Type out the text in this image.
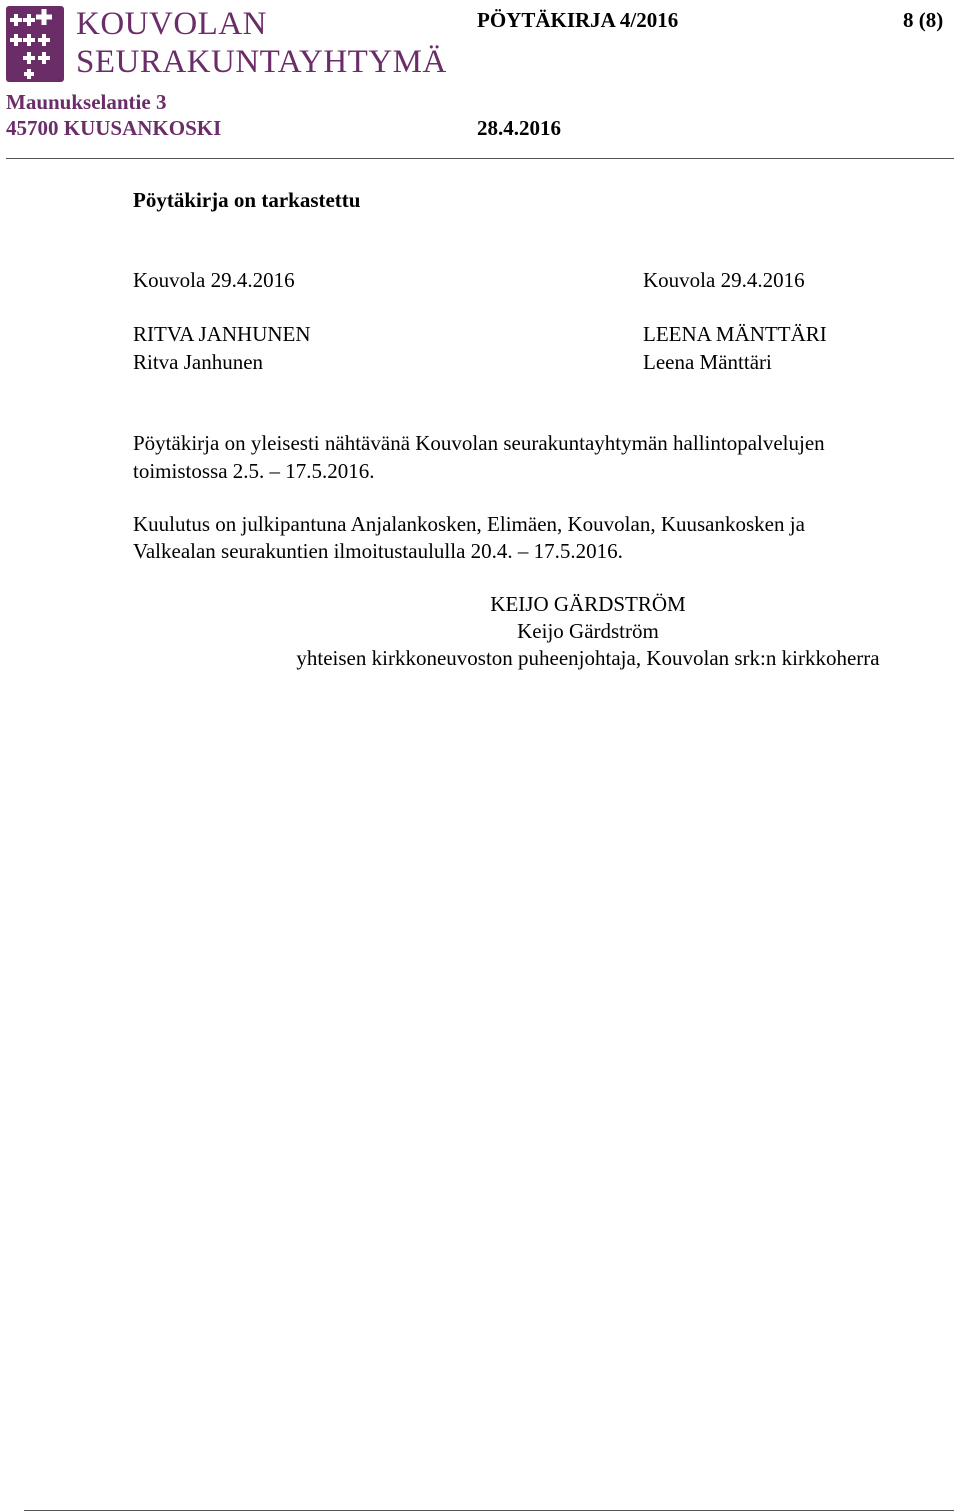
KOUVOLAN
SEURAKUNTAYHTYMÄ
PÖYTÄKIRJA 4/2016	8 (8)
Maunukselantie 3
45700 KUUSANKOSKI	28.4.2016
Pöytäkirja on tarkastettu
Kouvola 29.4.2016
RITVA JANHUNEN
Ritva Janhunen
Kouvola 29.4.2016
LEENA MÄNTTÄRI
Leena Mänttäri
Pöytäkirja on yleisesti nähtävänä Kouvolan seurakuntayhtymän hallintopalvelujen
toimistossa 2.5. – 17.5.2016.
Kuulutus on julkipantuna Anjalankosken, Elimäen, Kouvolan, Kuusankosken ja
Valkealan seurakuntien ilmoitustaululla 20.4. – 17.5.2016.
KEIJO GÄRDSTRÖM
Keijo Gärdström
yhteisen kirkkoneuvoston puheenjohtaja, Kouvolan srk:n kirkkoherra
